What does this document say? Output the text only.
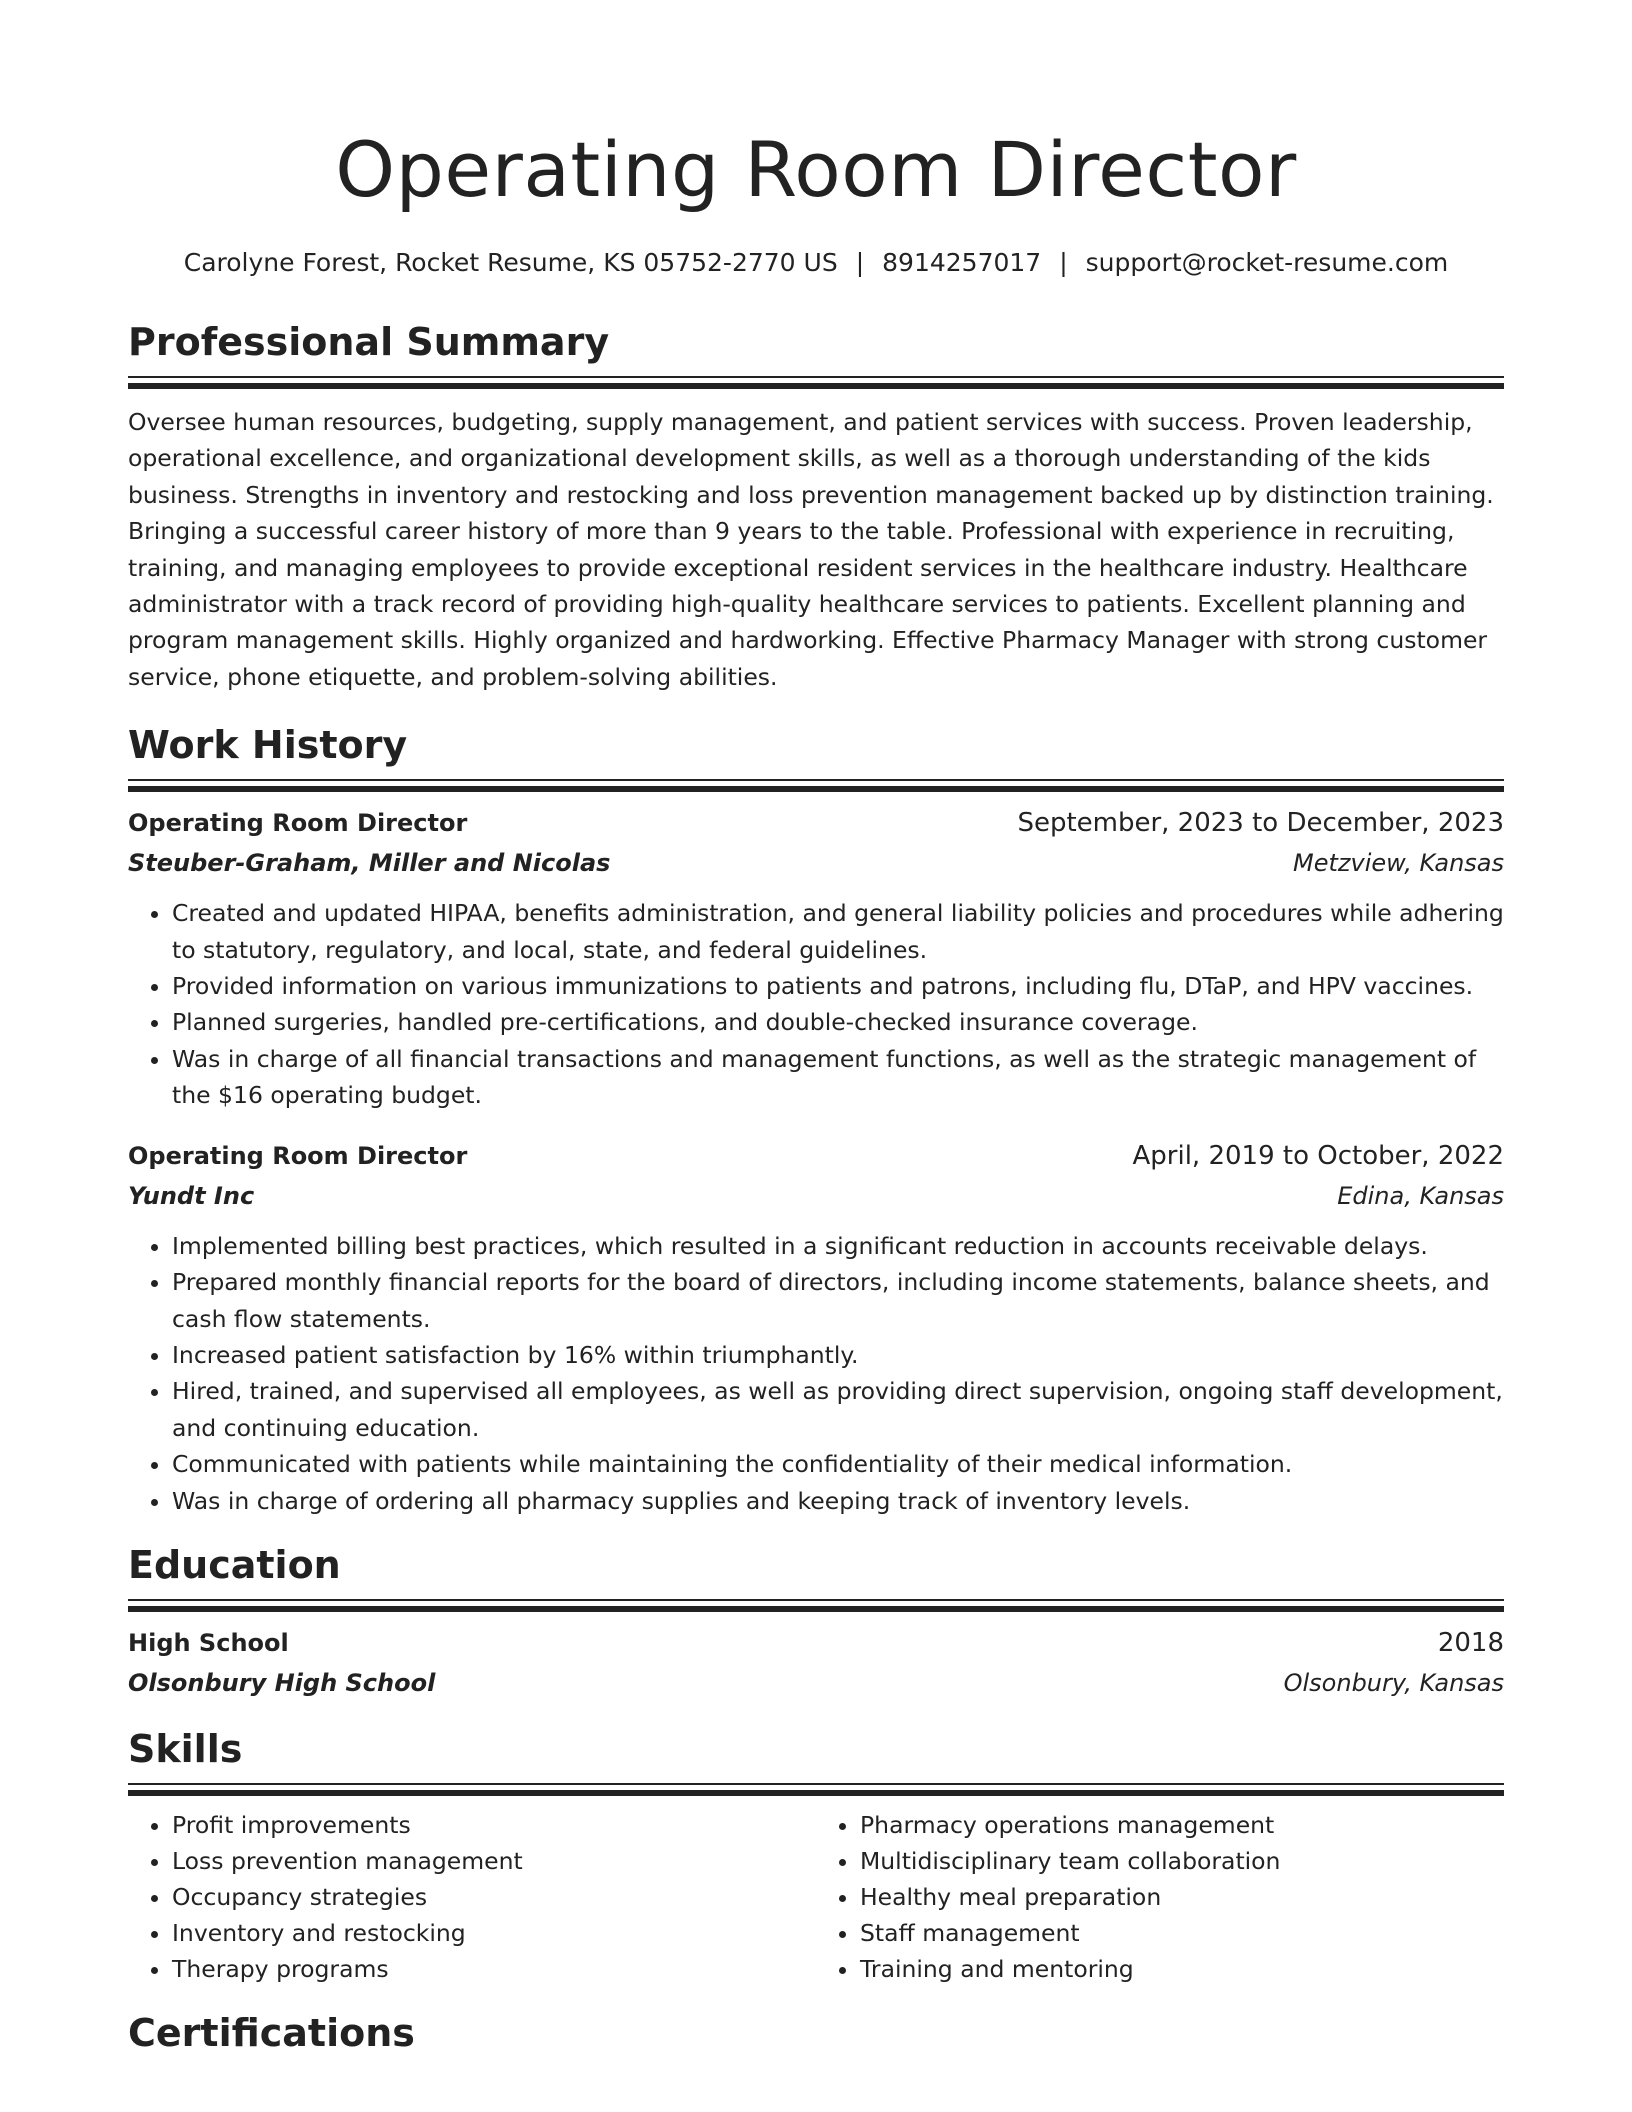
Operating Room Director
Carolyne Forest, Rocket Resume, KS 05752-2770 US | 8914257017 | support@rocket-resume.com
Professional Summary

Oversee human resources, budgeting, supply management, and patient services with success. Proven leadership, operational excellence, and organizational development skills, as well as a thorough understanding of the kids business. Strengths in inventory and restocking and loss prevention management backed up by distinction training. Bringing a successful career history of more than 9 years to the table. Professional with experience in recruiting, training, and managing employees to provide exceptional resident services in the healthcare industry. Healthcare administrator with a track record of providing high-quality healthcare services to patients. Excellent planning and program management skills. Highly organized and hardworking. Effective Pharmacy Manager with strong customer service, phone etiquette, and problem-solving abilities.

Work History
Operating Room Director	September, 2023 to December, 2023
Steuber-Graham, Miller and Nicolas	Metzview, Kansas
• Created and updated HIPAA, benefits administration, and general liability policies and procedures while adhering to statutory, regulatory, and local, state, and federal guidelines.
• Provided information on various immunizations to patients and patrons, including flu, DTaP, and HPV vaccines.
• Planned surgeries, handled pre-certifications, and double-checked insurance coverage.
• Was in charge of all financial transactions and management functions, as well as the strategic management of the $16 operating budget.
Operating Room Director	April, 2019 to October, 2022
Yundt Inc	Edina, Kansas
• Implemented billing best practices, which resulted in a significant reduction in accounts receivable delays.
• Prepared monthly financial reports for the board of directors, including income statements, balance sheets, and cash flow statements.
• Increased patient satisfaction by 16% within triumphantly.
• Hired, trained, and supervised all employees, as well as providing direct supervision, ongoing staff development, and continuing education.
• Communicated with patients while maintaining the confidentiality of their medical information.
• Was in charge of ordering all pharmacy supplies and keeping track of inventory levels.
Education
High School	2018
Olsonbury High School	Olsonbury, Kansas
Skills
• Profit improvements
• Loss prevention management
• Occupancy strategies
• Inventory and restocking
• Therapy programs
• Pharmacy operations management
• Multidisciplinary team collaboration
• Healthy meal preparation
• Staff management
• Training and mentoring
Certifications
